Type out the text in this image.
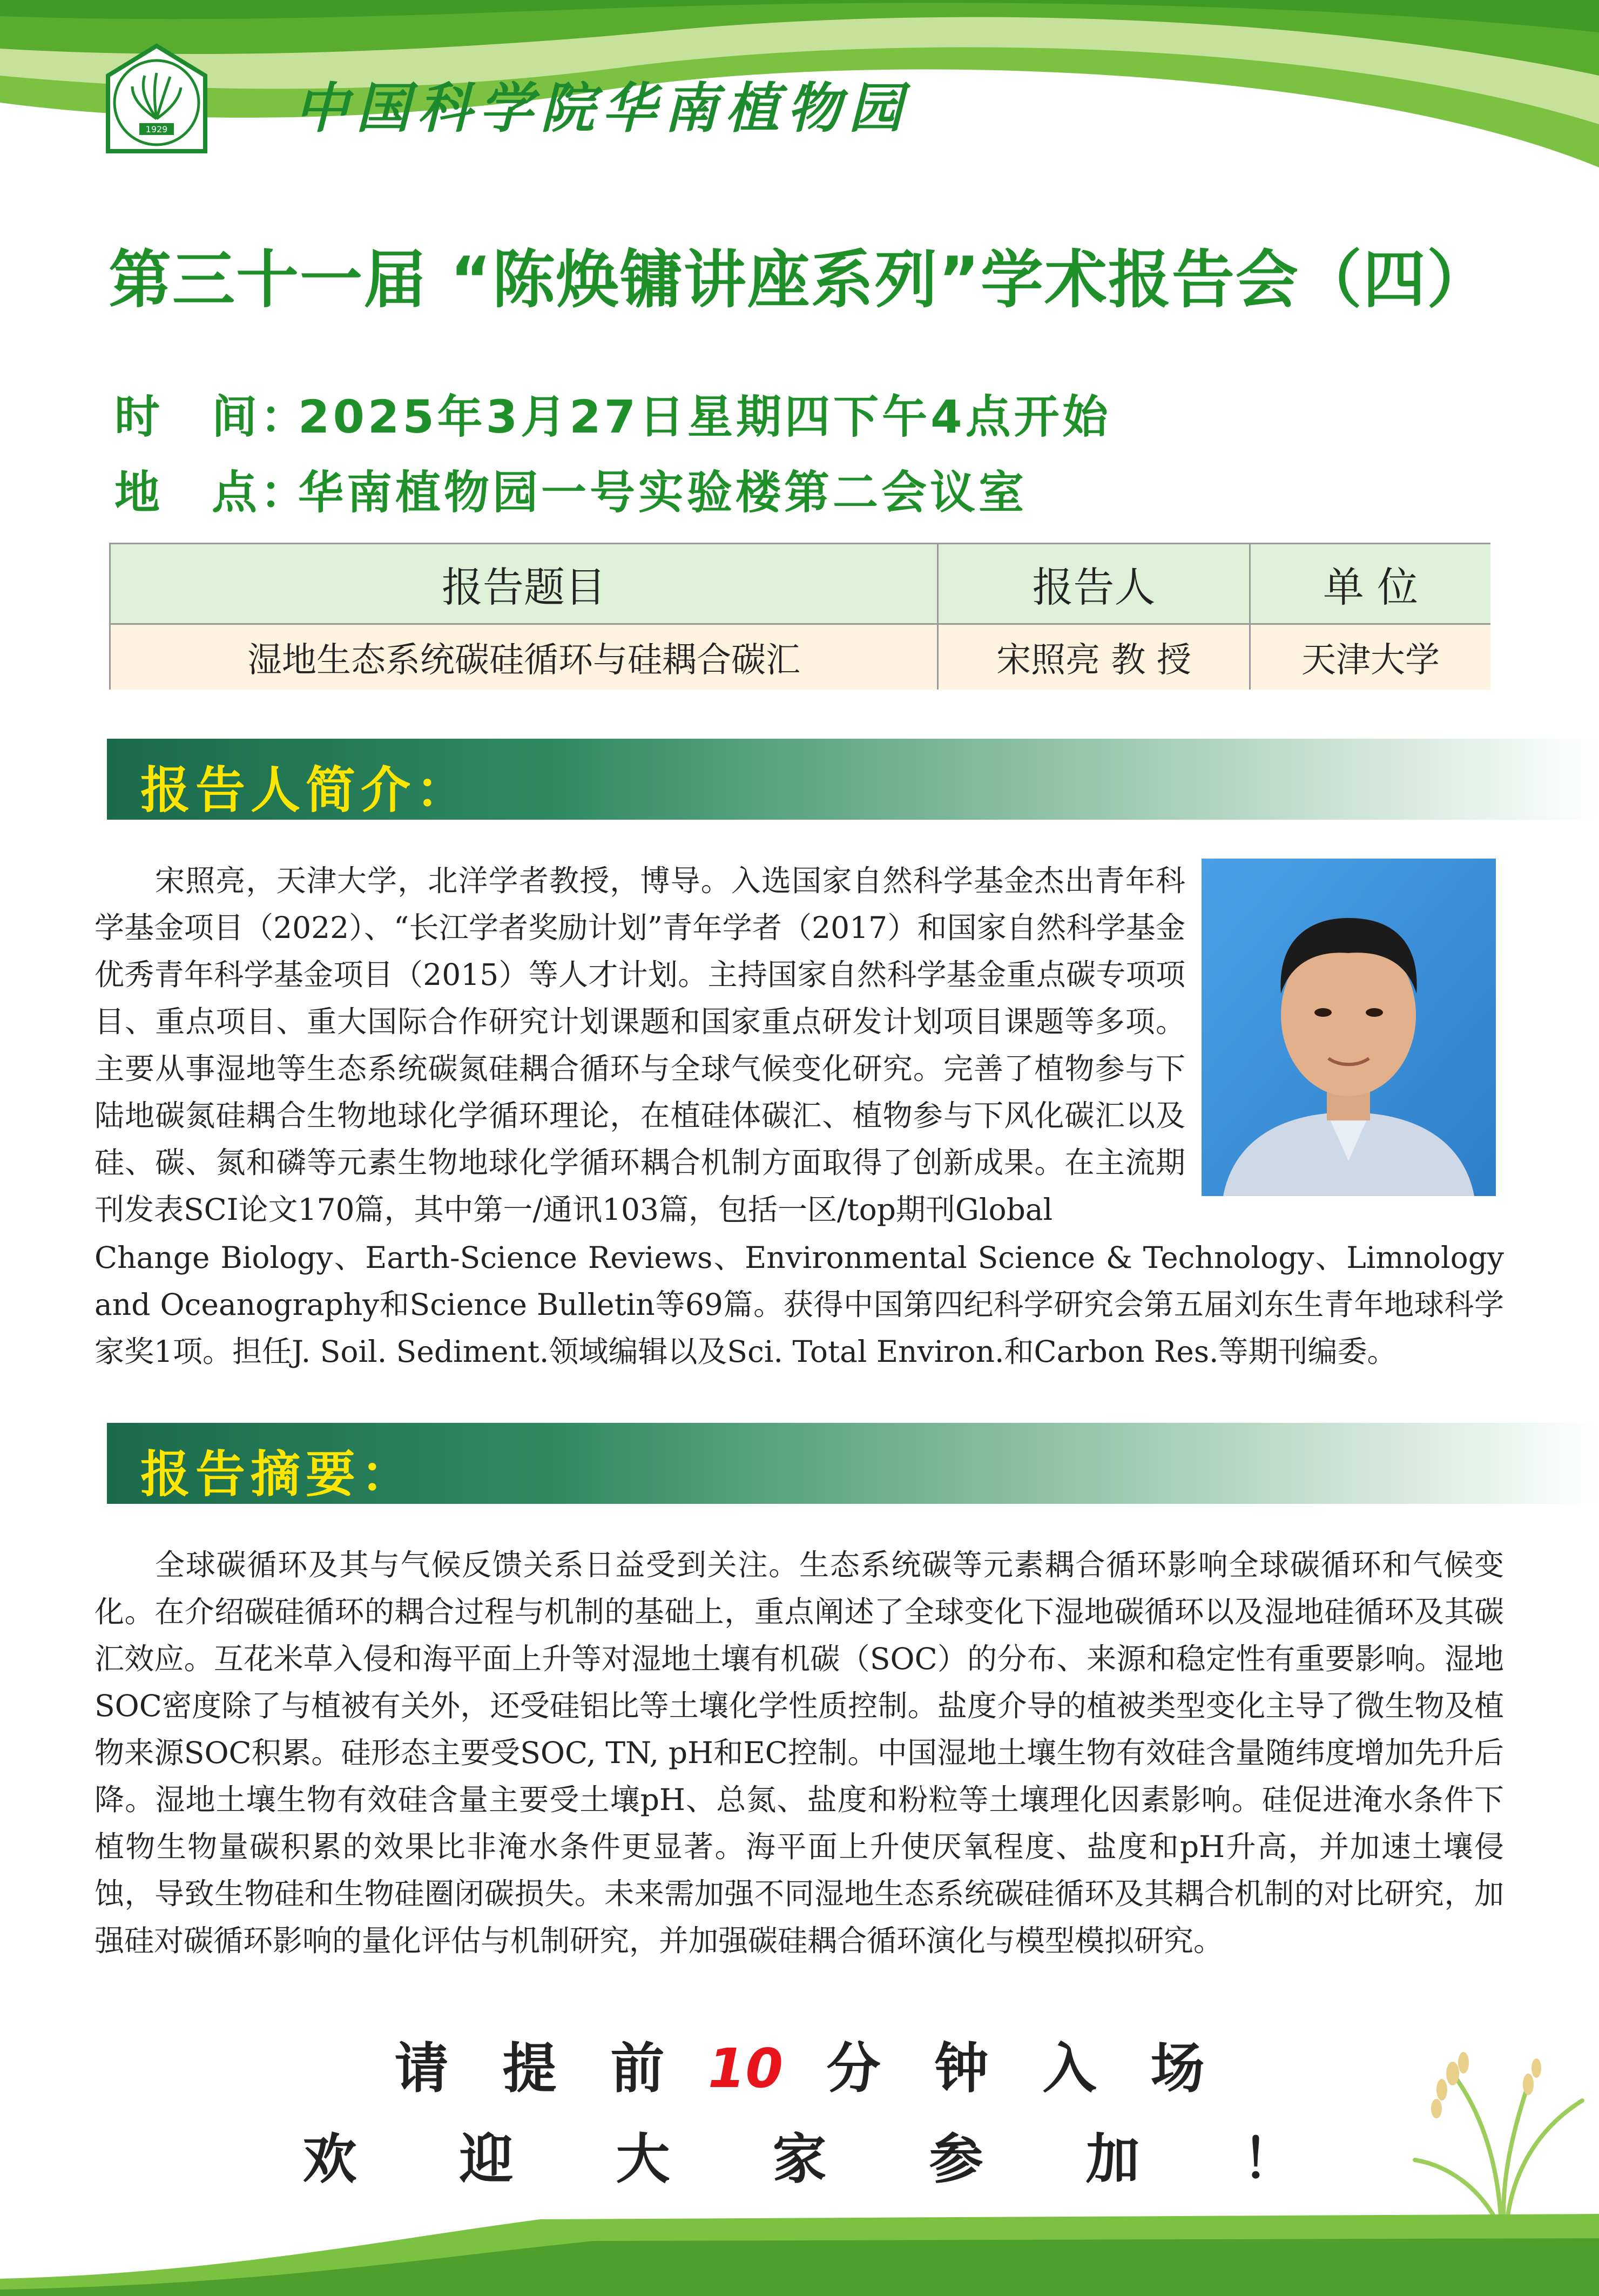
1929 中国科学院华南植物园
第三十一届 “陈焕镛讲座系列”学术报告会（四）
时　间：2025年3月27日星期四下午4点开始
地　点：华南植物园一号实验楼第二会议室
报告题目	报告人	单 位
湿地生态系统碳硅循环与硅耦合碳汇	宋照亮 教 授	天津大学
报告人简介：

宋照亮，天津大学，北洋学者教授，博导。入选国家自然科学基金杰出青年科学基金项目（2022）、“长江学者奖励计划”青年学者（2017）和国家自然科学基金优秀青年科学基金项目（2015）等人才计划。主持国家自然科学基金重点碳专项项目、重点项目、重大国际合作研究计划课题和国家重点研发计划项目课题等多项。主要从事湿地等生态系统碳氮硅耦合循环与全球气候变化研究。完善了植物参与下陆地碳氮硅耦合生物地球化学循环理论，在植硅体碳汇、植物参与下风化碳汇以及硅、碳、氮和磷等元素生物地球化学循环耦合机制方面取得了创新成果。在主流期刊发表SCI论文170篇，其中第一/通讯103篇，包括一区/top期刊Global

Change Biology、Earth-Science Reviews、Environmental Science & Technology、Limnology and Oceanography和Science Bulletin等69篇。获得中国第四纪科学研究会第五届刘东生青年地球科学家奖1项。担任J. Soil. Sediment.领域编辑以及Sci. Total Environ.和Carbon Res.等期刊编委。

报告摘要：

全球碳循环及其与气候反馈关系日益受到关注。生态系统碳等元素耦合循环影响全球碳循环和气候变化。在介绍碳硅循环的耦合过程与机制的基础上，重点阐述了全球变化下湿地碳循环以及湿地硅循环及其碳汇效应。互花米草入侵和海平面上升等对湿地土壤有机碳（SOC）的分布、来源和稳定性有重要影响。湿地SOC密度除了与植被有关外，还受硅铝比等土壤化学性质控制。盐度介导的植被类型变化主导了微生物及植物来源SOC积累。硅形态主要受SOC, TN, pH和EC控制。中国湿地土壤生物有效硅含量随纬度增加先升后降。湿地土壤生物有效硅含量主要受土壤pH、总氮、盐度和粉粒等土壤理化因素影响。硅促进淹水条件下植物生物量碳积累的效果比非淹水条件更显著。海平面上升使厌氧程度、盐度和pH升高，并加速土壤侵蚀，导致生物硅和生物硅圈闭碳损失。未来需加强不同湿地生态系统碳硅循环及其耦合机制的对比研究，加强硅对碳循环影响的量化评估与机制研究，并加强碳硅耦合循环演化与模型模拟研究。

请 提 前 10 分 钟 入 场
欢 迎 大 家 参 加 ！
